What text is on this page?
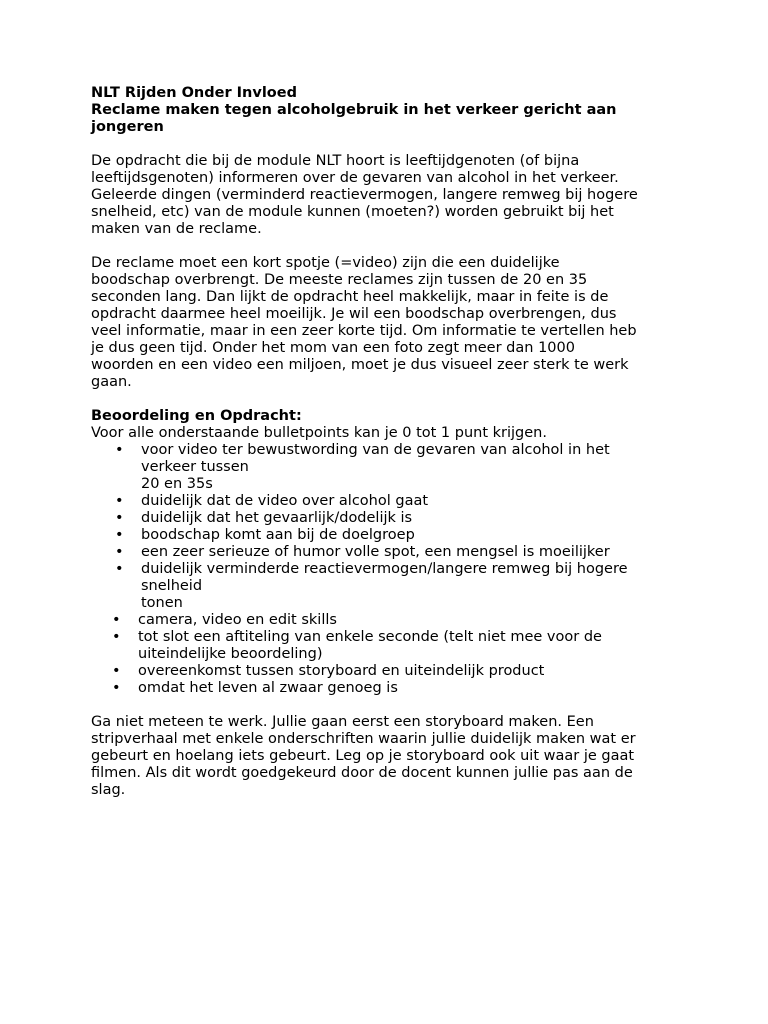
NLT Rijden Onder Invloed

Reclame maken tegen alcoholgebruik in het verkeer gericht aan

jongeren

De opdracht die bij de module NLT hoort is leeftijdgenoten (of bijna

leeftijdsgenoten) informeren over de gevaren van alcohol in het verkeer.

Geleerde dingen (verminderd reactievermogen, langere remweg bij hogere

snelheid, etc) van de module kunnen (moeten?) worden gebruikt bij het

maken van de reclame.

De reclame moet een kort spotje (=video) zijn die een duidelijke

boodschap overbrengt. De meeste reclames zijn tussen de 20 en 35

seconden lang. Dan lijkt de opdracht heel makkelijk, maar in feite is de

opdracht daarmee heel moeilijk. Je wil een boodschap overbrengen, dus

veel informatie, maar in een zeer korte tijd. Om informatie te vertellen heb

je dus geen tijd. Onder het mom van een foto zegt meer dan 1000

woorden en een video een miljoen, moet je dus visueel zeer sterk te werk

gaan.

Beoordeling en Opdracht:

Voor alle onderstaande bulletpoints kan je 0 tot 1 punt krijgen.

• voor video ter bewustwording van de gevaren van alcohol in het
verkeer tussen
20 en 35s
• duidelijk dat de video over alcohol gaat
• duidelijk dat het gevaarlijk/dodelijk is
• boodschap komt aan bij de doelgroep
• een zeer serieuze of humor volle spot, een mengsel is moeilijker
• duidelijk verminderde reactievermogen/langere remweg bij hogere
snelheid
tonen
• camera, video en edit skills
• tot slot een aftiteling van enkele seconde (telt niet mee voor de
uiteindelijke beoordeling)
• overeenkomst tussen storyboard en uiteindelijk product
• omdat het leven al zwaar genoeg is

Ga niet meteen te werk. Jullie gaan eerst een storyboard maken. Een

stripverhaal met enkele onderschriften waarin jullie duidelijk maken wat er

gebeurt en hoelang iets gebeurt. Leg op je storyboard ook uit waar je gaat

filmen. Als dit wordt goedgekeurd door de docent kunnen jullie pas aan de

slag.
